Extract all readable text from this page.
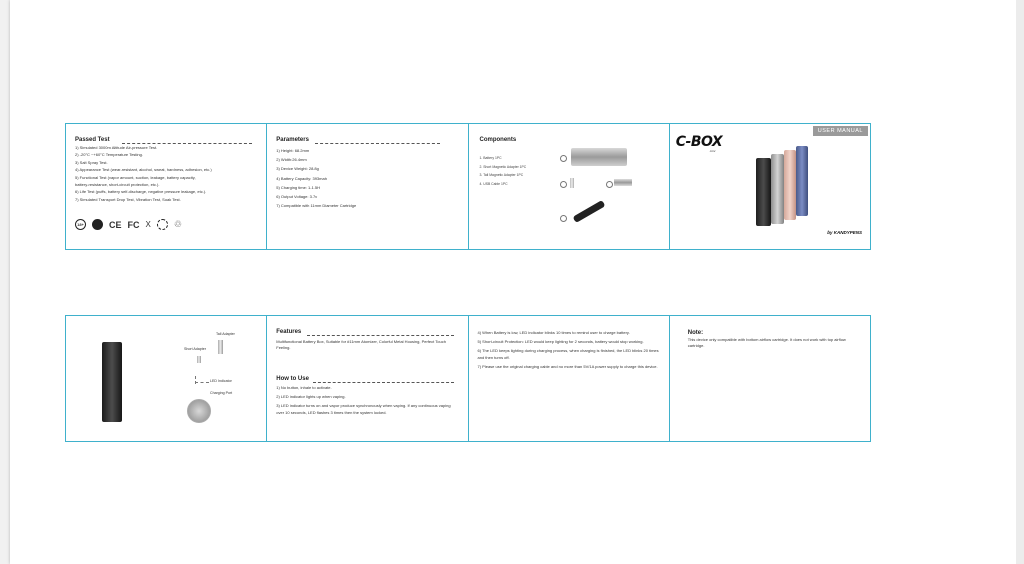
Passed Test
1) Simulated 3000m Altitude Air-pressure Test.
2) -20°C ~+60°C Temperature Testing.
3) Salt Spray Test.
4) Appearance Test (wear-resistant, alcohol, sweat, hardness, adhesion, etc.)
5) Functional Test (vapor amount, suction, leakage, battery capacity,
battery-resistance, short-circuit protection, etc.).
6) Life Test (puffs, battery self-discharge, negative pressure leakage, etc.).
7) Simulated Transport Drop Test, Vibration Test, Soak Test.
18+	CE FC X	♲
Parameters
1) Height: 68.2mm
2) Width:26.4mm
3) Device Weight: 28.8g
4) Battery Capacity: 393mah
5) Charging time: 1-1.5H
6) Output Voltage: 3.7v
7) Compatible with 11mm Diameter Cartridge
Components
1. Battery 1PC
2. Short Magnetic Adapter 1PC
3. Tall Magnetic Adapter 1PC
4. USB Cable 1PC
USER MANUAL
C-BOX
mini
by KANDYPENS
Tall Adapter
Short Adapter
LED Indicator
Charging Port
Features
Multifunctional Battery Box, Suitable for #11mm Atomizer, Colorful Metal Housing, Perfect Touch Feeling.
How to Use
1) No button, inhale to activate.
2) LED indicator lights up when vaping.
3) LED indicator turns on and vapor produce synchronously when vaping. If any continuous vaping over 10 seconds, LED flashes 3 times then the system locked.
4) When Battery is low, LED indicator blinks 10 times to remind user to charge battery.
5) Short-circuit Protection: LED would keep lighting for 2 seconds, battery would stop working.
6) The LED keeps lighting during charging process, when charging is finished, the LED blinks 20 times and then turns off.
7) Please use the original charging cable and no more than 5V/1A power supply to charge this device.
Note:
This device only compatible with bottom airflow cartridge. It does not work with top airflow cartridge.
